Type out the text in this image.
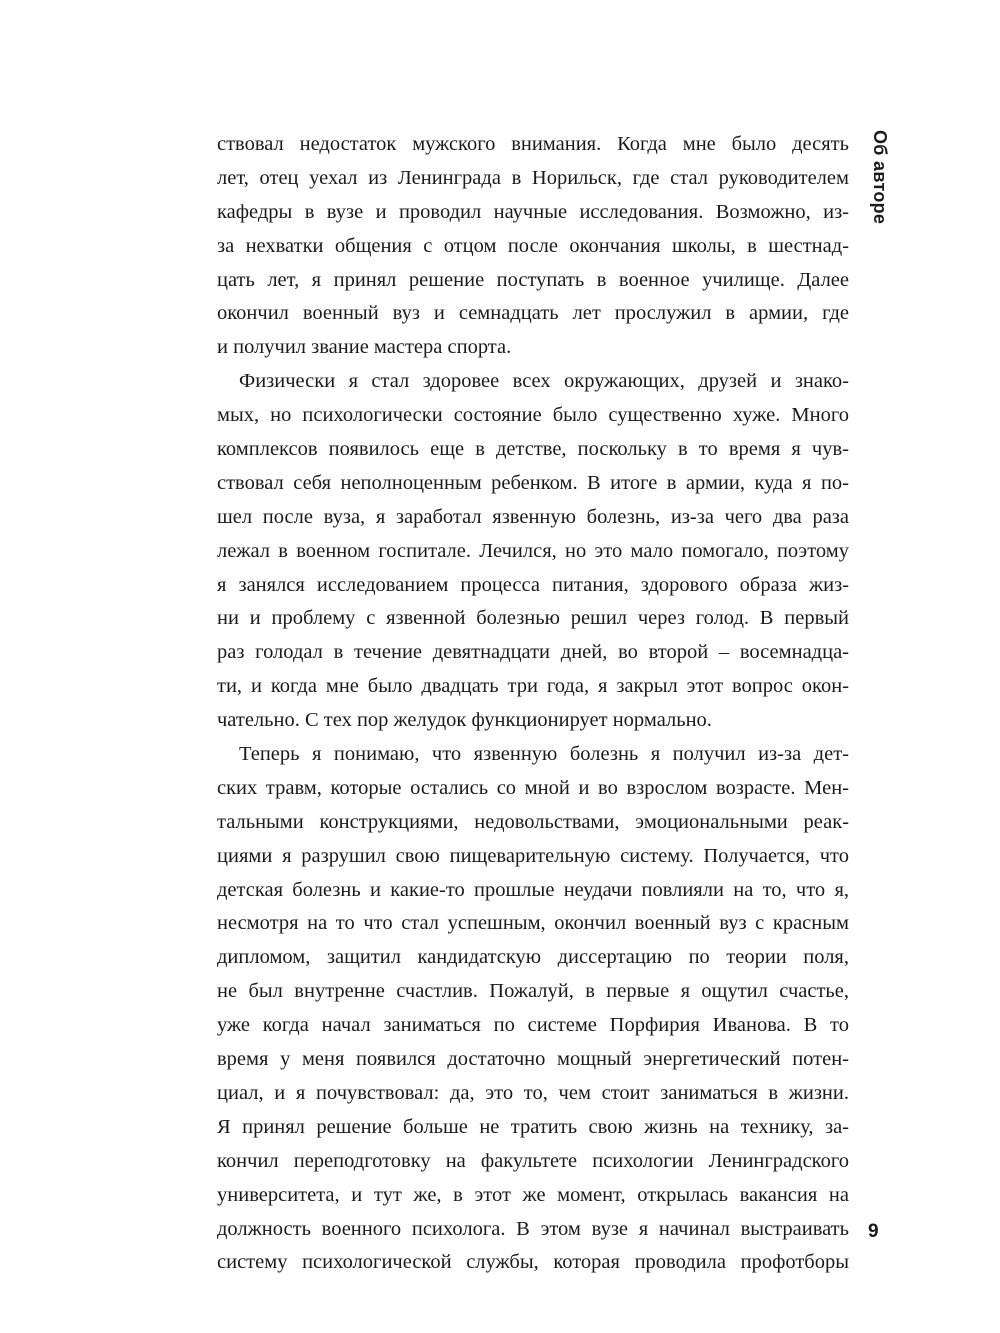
Об авторе
ствовал недостаток мужского внимания. Когда мне было десять
лет, отец уехал из Ленинграда в Норильск, где стал руководителем
кафедры в вузе и проводил научные исследования. Возможно, из-
за нехватки общения с отцом после окончания школы, в шестнад-
цать лет, я принял решение поступать в военное училище. Далее
окончил военный вуз и семнадцать лет прослужил в армии, где
и получил звание мастера спорта.
Физически я стал здоровее всех окружающих, друзей и знако-
мых, но психологически состояние было существенно хуже. Много
комплексов появилось еще в детстве, поскольку в то время я чув-
ствовал себя неполноценным ребенком. В итоге в армии, куда я по-
шел после вуза, я заработал язвенную болезнь, из-за чего два раза
лежал в военном госпитале. Лечился, но это мало помогало, поэтому
я занялся исследованием процесса питания, здорового образа жиз-
ни и проблему с язвенной болезнью решил через голод. В первый
раз голодал в течение девятнадцати дней, во второй – восемнадца-
ти, и когда мне было двадцать три года, я закрыл этот вопрос окон-
чательно. С тех пор желудок функционирует нормально.
Теперь я понимаю, что язвенную болезнь я получил из-за дет-
ских травм, которые остались со мной и во взрослом возрасте. Мен-
тальными конструкциями, недовольствами, эмоциональными реак-
циями я разрушил свою пищеварительную систему. Получается, что
детская болезнь и какие-то прошлые неудачи повлияли на то, что я,
несмотря на то что стал успешным, окончил военный вуз с красным
дипломом, защитил кандидатскую диссертацию по теории поля,
не был внутренне счастлив. Пожалуй, в первые я ощутил счастье,
уже когда начал заниматься по системе Порфирия Иванова. В то
время у меня появился достаточно мощный энергетический потен-
циал, и я почувствовал: да, это то, чем стоит заниматься в жизни.
Я принял решение больше не тратить свою жизнь на технику, за-
кончил переподготовку на факультете психологии Ленинградского
университета, и тут же, в этот же момент, открылась вакансия на
должность военного психолога. В этом вузе я начинал выстраивать
систему психологической службы, которая проводила профотборы
9
